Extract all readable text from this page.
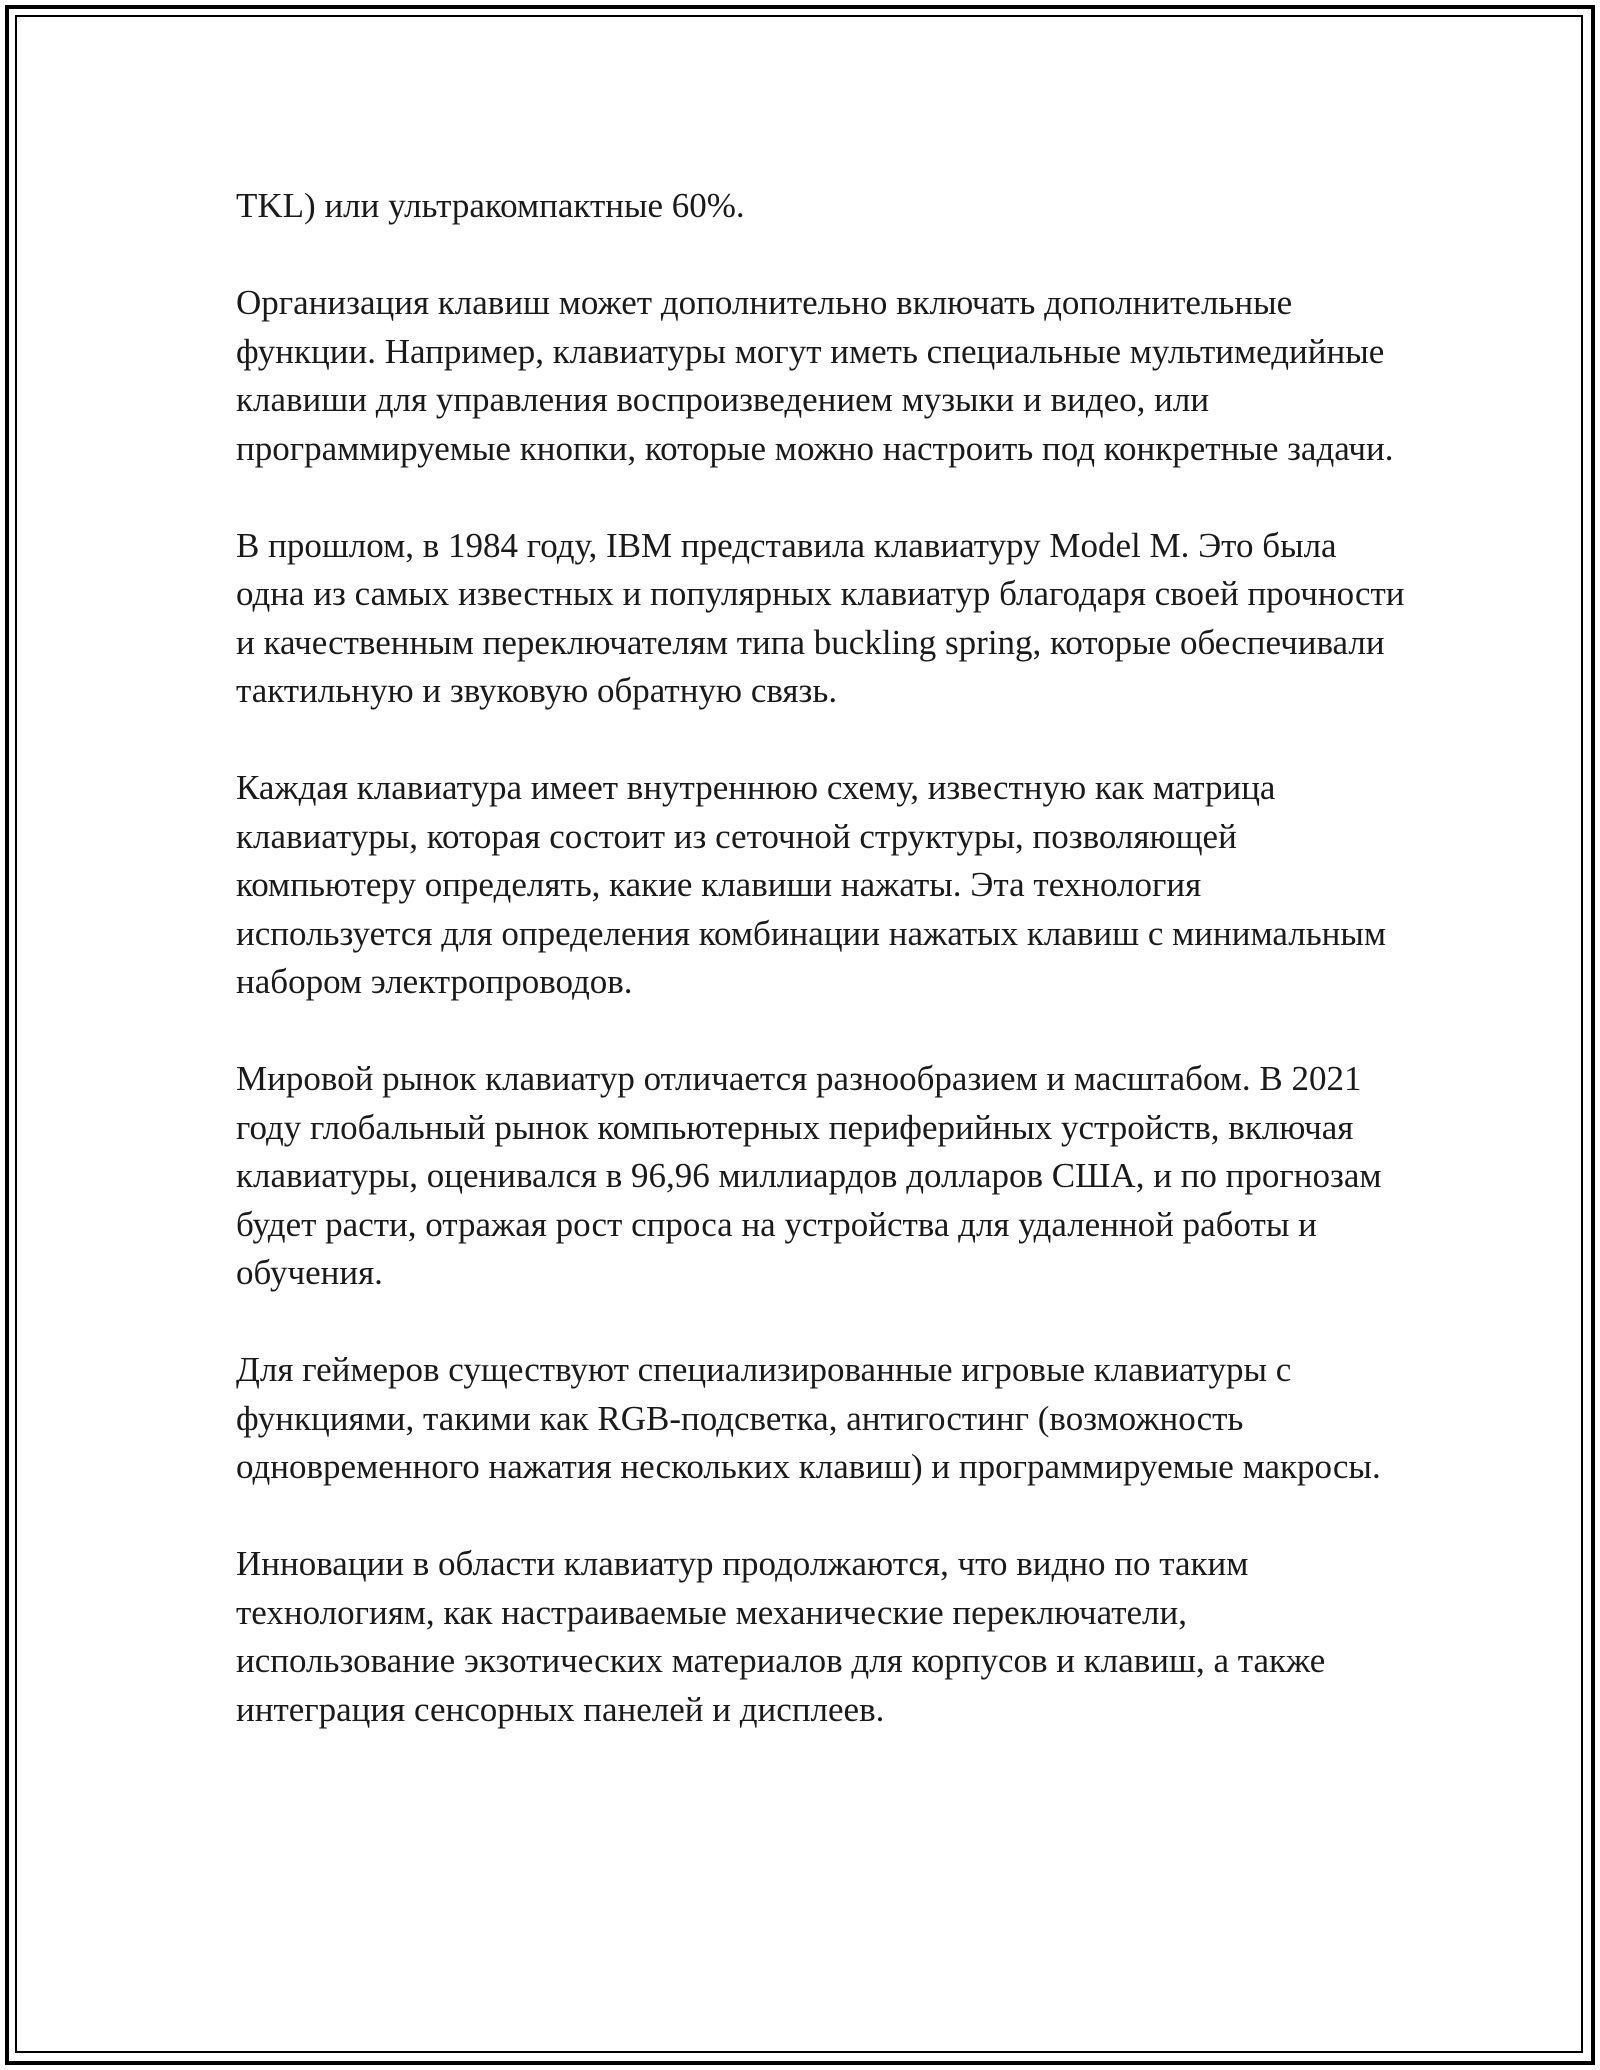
TKL) или ультракомпактные 60%.

Организация клавиш может дополнительно включать дополнительные функции. Например, клавиатуры могут иметь специальные мультимедийные клавиши для управления воспроизведением музыки и видео, или программируемые кнопки, которые можно настроить под конкретные задачи.

В прошлом, в 1984 году, IBM представила клавиатуру Model M. Это была одна из самых известных и популярных клавиатур благодаря своей прочности и качественным переключателям типа buckling spring, которые обеспечивали тактильную и звуковую обратную связь.

Каждая клавиатура имеет внутреннюю схему, известную как матрица клавиатуры, которая состоит из сеточной структуры, позволяющей компьютеру определять, какие клавиши нажаты. Эта технология используется для определения комбинации нажатых клавиш с минимальным набором электропроводов.

Мировой рынок клавиатур отличается разнообразием и масштабом. В 2021 году глобальный рынок компьютерных периферийных устройств, включая клавиатуры, оценивался в 96,96 миллиардов долларов США, и по прогнозам будет расти, отражая рост спроса на устройства для удаленной работы и обучения.

Для геймеров существуют специализированные игровые клавиатуры с функциями, такими как RGB-подсветка, антигостинг (возможность одновременного нажатия нескольких клавиш) и программируемые макросы.

Инновации в области клавиатур продолжаются, что видно по таким технологиям, как настраиваемые механические переключатели, использование экзотических материалов для корпусов и клавиш, а также интеграция сенсорных панелей и дисплеев.
